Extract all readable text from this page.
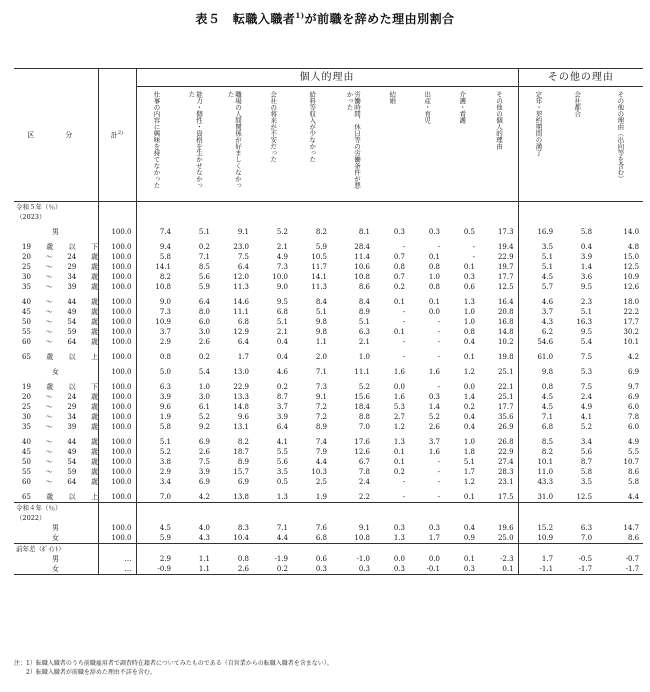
表５　転職入職者$^{1)}$が前職を辞めた理由別割合
区　分	計$^{2)}$	個人的理由										その他の理由		

		仕事の内容に興味を持てなかった	能力・個性・資格を生かせなかった	職場の人間関係が好ましくなかった	会社の将来が不安だった	給料等収入が少なかった	労働時間、休日等の労働条件が悪かった	結婚	出産・育児	介護・看護	その他の個人的理由	定年・契約期間の満了	会社都合	その他の理由（出向等を含む）

令和５年（％）														
（2023）														

男	100.0	7.4	5.1	9.1	5.2	8.2	8.1	0.3	0.3	0.5	17.3	16.9	5.8	14.0

19 歳 以 下	100.0	9.4	0.2	23.0	2.1	5.9	28.4	-	-	-	19.4	3.5	0.4	4.8

20 ～ 24 歳	100.0	5.8	7.1	7.5	4.9	10.5	11.4	0.7	0.1	-	22.9	5.1	3.9	15.0

25 ～ 29 歳	100.0	14.1	8.5	6.4	7.3	11.7	10.6	0.8	0.8	0.1	19.7	5.1	1.4	12.5

30 ～ 34 歳	100.0	8.2	5.6	12.0	10.0	14.1	10.8	0.7	1.0	0.3	17.7	4.5	3.6	10.9

35 ～ 39 歳	100.0	10.8	5.9	11.3	9.0	11.3	8.6	0.2	0.8	0.6	12.5	5.7	9.5	12.6

40 ～ 44 歳	100.0	9.0	6.4	14.6	9.5	8.4	8.4	0.1	0.1	1.3	16.4	4.6	2.3	18.0

45 ～ 49 歳	100.0	7.3	8.0	11.1	6.8	5.1	8.9	-	0.0	1.0	20.8	3.7	5.1	22.2

50 ～ 54 歳	100.0	10.9	6.0	6.8	5.1	9.8	5.1	-	-	1.0	16.8	4.3	16.3	17.7

55 ～ 59 歳	100.0	3.7	3.0	12.9	2.1	9.8	6.3	0.1	-	0.8	14.8	6.2	9.5	30.2

60 ～ 64 歳	100.0	2.9	2.6	6.4	0.4	1.1	2.1	-	-	0.4	10.2	54.6	5.4	10.1

65 歳 以 上	100.0	0.8	0.2	1.7	0.4	2.0	1.0	-	-	0.1	19.8	61.0	7.5	4.2

女	100.0	5.0	5.4	13.0	4.6	7.1	11.1	1.6	1.6	1.2	25.1	9.8	5.3	6.9

19 歳 以 下	100.0	6.3	1.0	22.9	0.2	7.3	5.2	0.0	-	0.0	22.1	0.8	7.5	9.7

20 ～ 24 歳	100.0	3.9	3.0	13.3	8.7	9.1	15.6	1.6	0.3	1.4	25.1	4.5	2.4	6.9

25 ～ 29 歳	100.0	9.6	6.1	14.8	3.7	7.2	18.4	5.3	1.4	0.2	17.7	4.5	4.9	6.0

30 ～ 34 歳	100.0	1.9	5.2	9.6	3.9	7.2	8.8	2.7	5.2	0.4	35.6	7.1	4.1	7.8

35 ～ 39 歳	100.0	5.8	9.2	13.1	6.4	8.9	7.0	1.2	2.6	0.4	26.9	6.8	5.2	6.0

40 ～ 44 歳	100.0	5.1	6.9	8.2	4.1	7.4	17.6	1.3	3.7	1.0	26.8	8.5	3.4	4.9

45 ～ 49 歳	100.0	5.2	2.6	18.7	5.5	7.9	12.6	0.1	1.6	1.8	22.9	8.2	5.6	5.5

50 ～ 54 歳	100.0	3.8	7.5	8.9	5.6	4.4	6.7	0.1	-	5.1	27.4	10.1	8.7	10.7

55 ～ 59 歳	100.0	2.9	3.9	15.7	3.5	10.3	7.8	0.2	-	1.7	28.3	11.0	5.8	8.6

60 ～ 64 歳	100.0	3.4	6.9	6.9	0.5	2.5	2.4	-	-	1.2	23.1	43.3	3.5	5.8

65 歳 以 上	100.0	7.0	4.2	13.8	1.3	1.9	2.2	-	-	0.1	17.5	31.0	12.5	4.4
令和４年（％）														
（2022）														
男	100.0	4.5	4.0	8.3	7.1	7.6	9.1	0.3	0.3	0.4	19.6	15.2	6.3	14.7
女	100.0	5.9	4.3	10.4	4.4	6.8	10.8	1.3	1.7	0.9	25.0	10.9	7.0	8.6
前年差（ﾎﾟｲﾝﾄ）														
男	…	2.9	1.1	0.8	-1.9	0.6	-1.0	0.0	0.0	0.1	-2.3	1.7	-0.5	-0.7
女	…	-0.9	1.1	2.6	0.2	0.3	0.3	0.3	-0.1	0.3	0.1	-1.1	-1.7	-1.7
注：1）転職入職者のうち前職雇用者で調査時在籍者についてみたものである（自営業からの転職入職者を含まない）。
　　2）転職入職者が前職を辞めた理由不詳を含む。
